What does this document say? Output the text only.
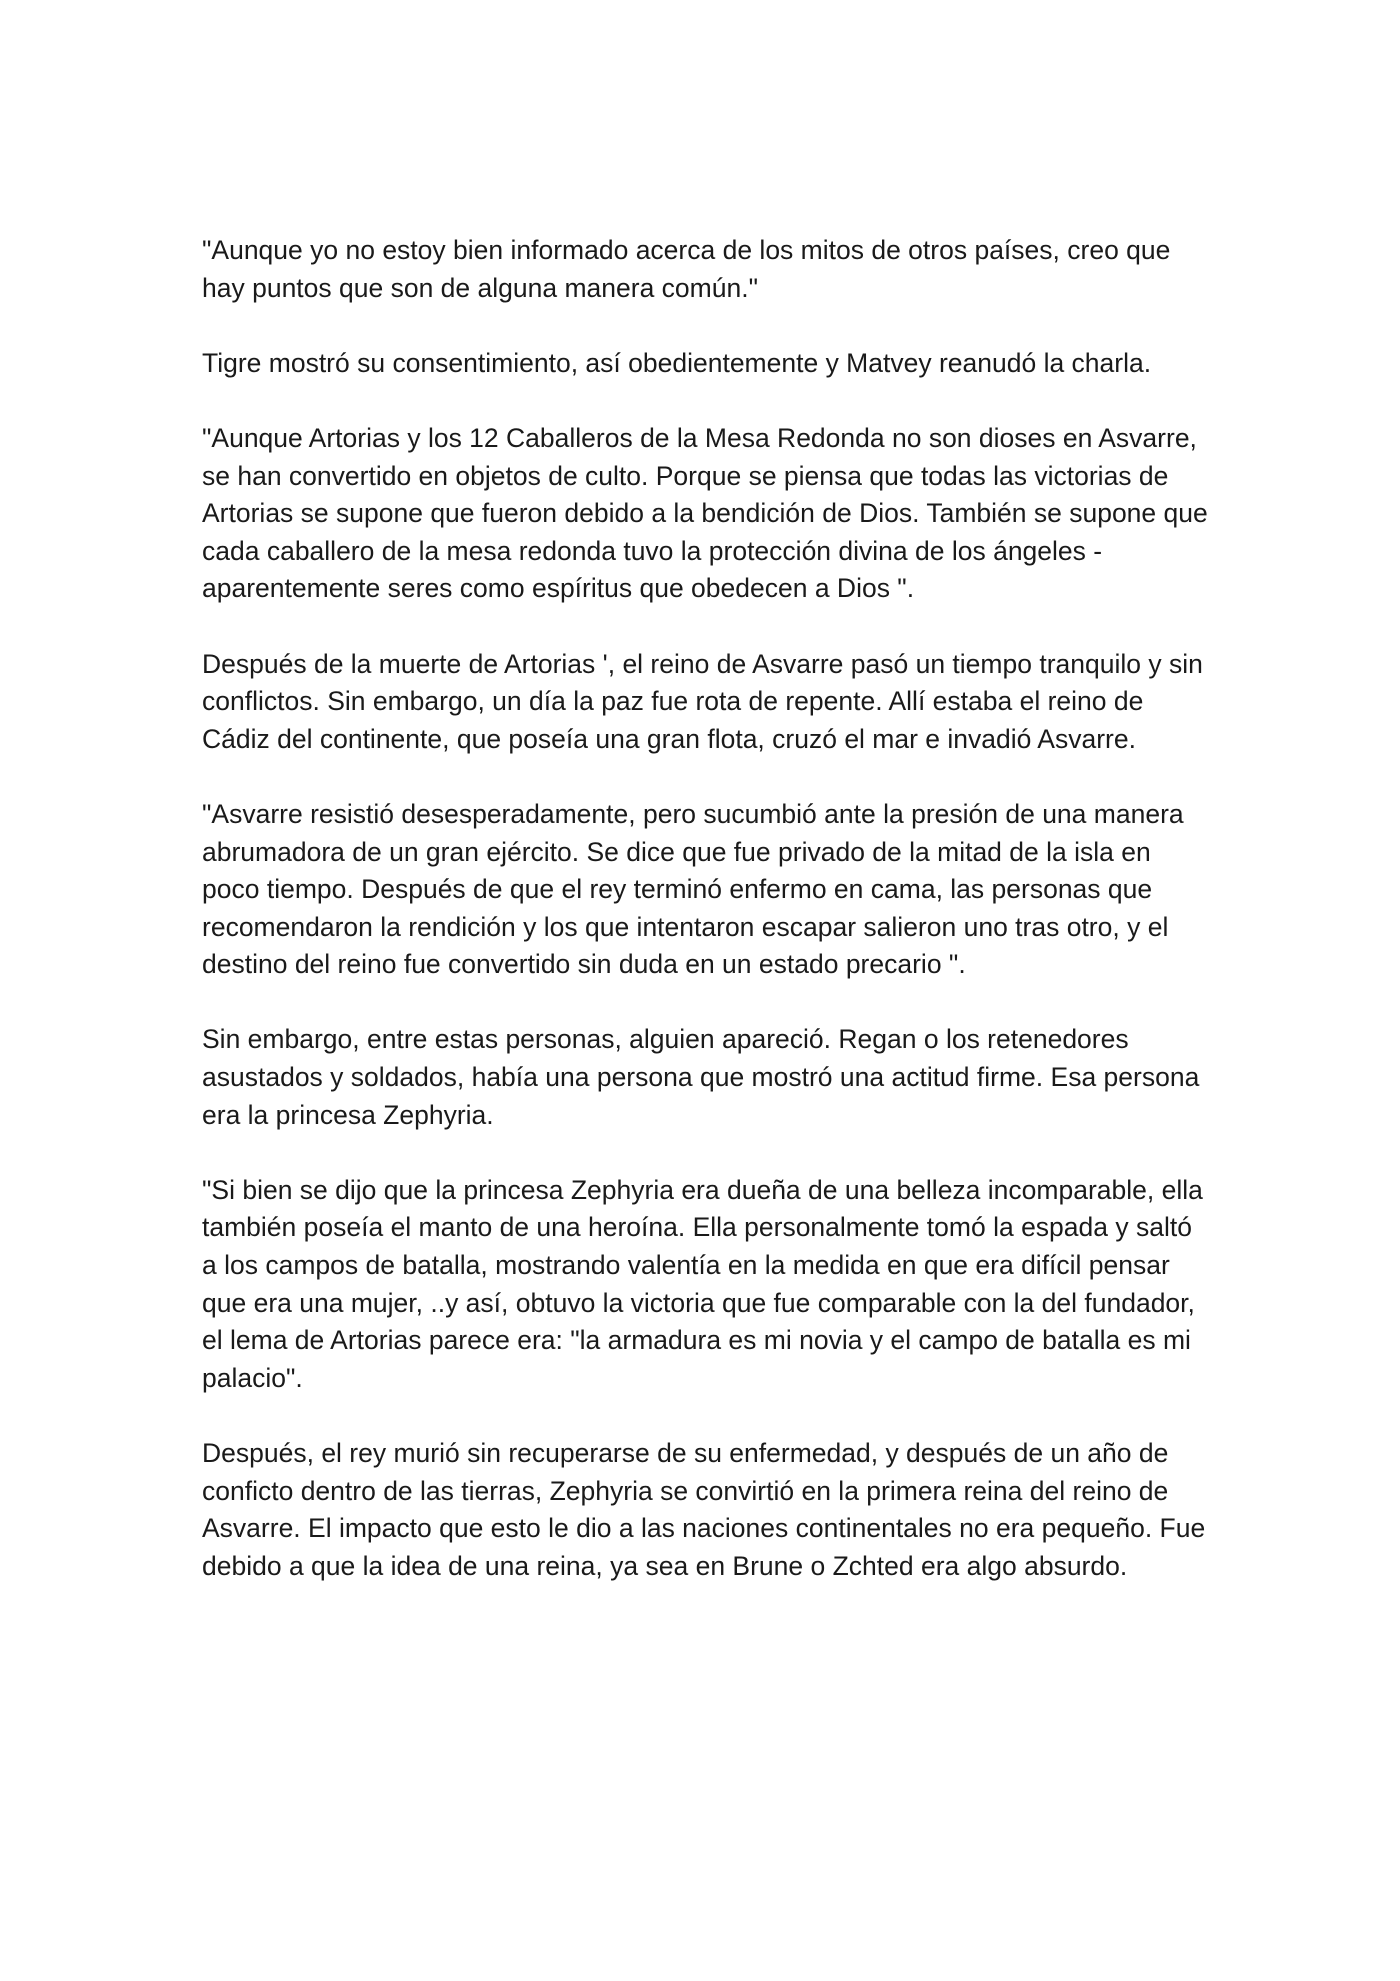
"Aunque yo no estoy bien informado acerca de los mitos de otros países, creo que hay puntos que son de alguna manera común."

Tigre mostró su consentimiento, así obedientemente y Matvey reanudó la charla.

"Aunque Artorias y los 12 Caballeros de la Mesa Redonda no son dioses en Asvarre, se han convertido en objetos de culto. Porque se piensa que todas las victorias de Artorias se supone que fueron debido a la bendición de Dios. También se supone que cada caballero de la mesa redonda tuvo la protección divina de los ángeles - aparentemente seres como espíritus que obedecen a Dios ".

Después de la muerte de Artorias ', el reino de Asvarre pasó un tiempo tranquilo y sin conflictos. Sin embargo, un día la paz fue rota de repente. Allí estaba el reino de Cádiz del continente, que poseía una gran flota, cruzó el mar e invadió Asvarre.

"Asvarre resistió desesperadamente, pero sucumbió ante la presión de una manera abrumadora de un gran ejército. Se dice que fue privado de la mitad de la isla en poco tiempo. Después de que el rey terminó enfermo en cama, las personas que recomendaron la rendición y los que intentaron escapar salieron uno tras otro, y el destino del reino fue convertido sin duda en un estado precario ".

Sin embargo, entre estas personas, alguien apareció. Regan o los retenedores asustados y soldados, había una persona que mostró una actitud firme. Esa persona era la princesa Zephyria.

"Si bien se dijo que la princesa Zephyria era dueña de una belleza incomparable, ella también poseía el manto de una heroína. Ella personalmente tomó la espada y saltó a los campos de batalla, mostrando valentía en la medida en que era difícil pensar que era una mujer, ..y así, obtuvo la victoria que fue comparable con la del fundador, el lema de Artorias parece era: "la armadura es mi novia y el campo de batalla es mi palacio".

Después, el rey murió sin recuperarse de su enfermedad, y después de un año de conficto dentro de las tierras, Zephyria se convirtió en la primera reina del reino de Asvarre. El impacto que esto le dio a las naciones continentales no era pequeño. Fue debido a que la idea de una reina, ya sea en Brune o Zchted era algo absurdo.
